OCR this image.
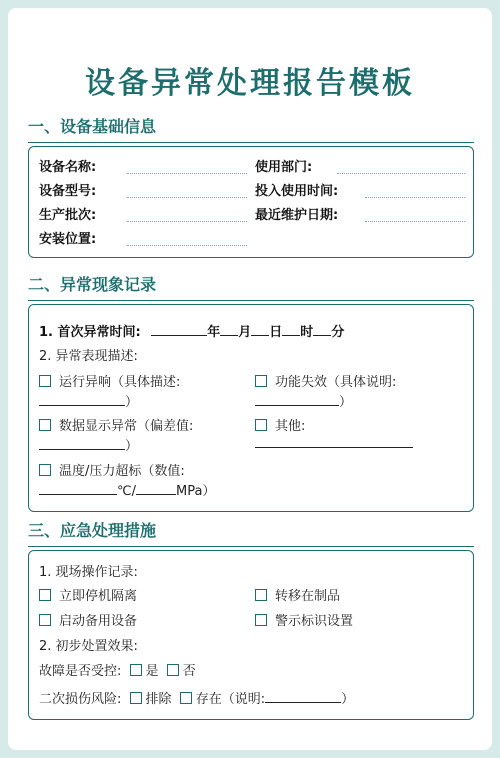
设备异常处理报告模板
一、设备基础信息
设备名称:	使用部门:
设备型号:	投入使用时间:
生产批次:	最近维护日期:
安装位置:
二、异常现象记录
1. 首次异常时间:	年 月 日 时 分
2. 异常表现描述:
运行异响（具体描述:
）
功能失效（具体说明:
）
数据显示异常（偏差值:
）
其他:
温度/压力超标（数值:
℃/	MPa）
三、应急处理措施
1. 现场操作记录:
立即停机隔离	转移在制品
启动备用设备	警示标识设置
2. 初步处置效果:
故障是否受控: 是 否
二次损伤风险: 排除 存在（说明:	）
